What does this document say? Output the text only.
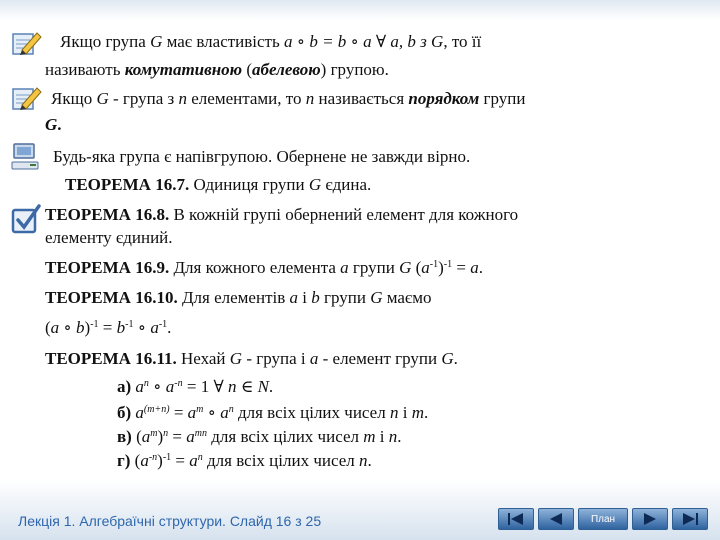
Якщо група G має властивість a ∘ b = b ∘ a ∀ a, b з G, то її
називають комутативною (абелевою) групою.
Якщо G - група з n елементами, то n називається порядком групи
G.
Будь-яка група є напівгрупою. Обернене не завжди вірно.
ТЕОРЕМА 16.7. Одиниця групи G єдина.
ТЕОРЕМА 16.8. В кожній групі обернений елемент для кожного
елементу єдиний.
ТЕОРЕМА 16.9. Для кожного елемента a групи G $(a^{-1})^{-1} = a$.
ТЕОРЕМА 16.10. Для елементів a і b групи G маємо
(a ∘ $b)^{-1} = b^{-1}$ ∘ $a^{-1}$.
ТЕОРЕМА 16.11. Нехай G - група і a - елемент групи G.
а) $a^n$ ∘ $a^{-n} = 1$ ∀ n ∈ N.
б) $a^{(m+n)} = a^m$ ∘ $a^n$ для всіх цілих чисел n і m.
в) $(a^m)^n = a^{mn}$ для всіх цілих чисел m і n.
г) $(a^{-n})^{-1} = a^n$ для всіх цілих чисел n.
Лекція 1. Алгебраїчні структури. Слайд 16 з 25	План
